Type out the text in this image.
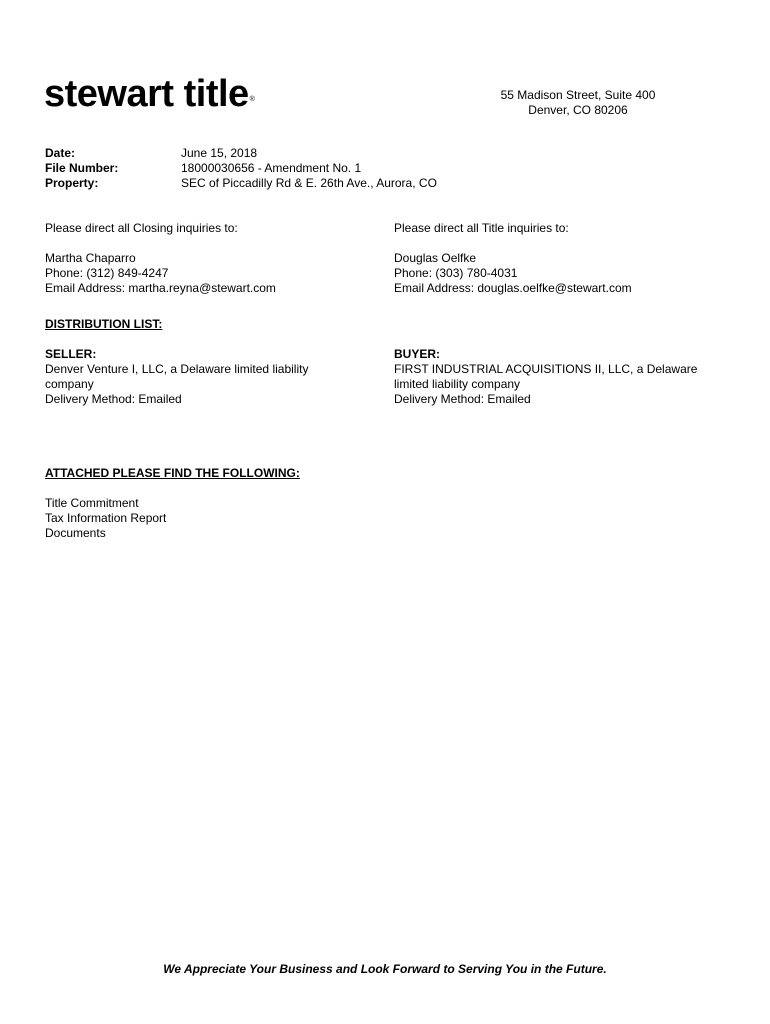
stewart title®	55 Madison Street, Suite 400
Denver, CO 80206
Date:
File Number:
Property:
June 15, 2018
18000030656 - Amendment No. 1
SEC of Piccadilly Rd & E. 26th Ave., Aurora, CO
Please direct all Closing inquiries to:
Martha Chaparro
Phone: (312) 849-4247
Email Address: martha.reyna@stewart.com
Please direct all Title inquiries to:
Douglas Oelfke
Phone: (303) 780-4031
Email Address: douglas.oelfke@stewart.com
DISTRIBUTION LIST:
SELLER:
Denver Venture I, LLC, a Delaware limited liability
company
Delivery Method: Emailed
BUYER:
FIRST INDUSTRIAL ACQUISITIONS II, LLC, a Delaware
limited liability company
Delivery Method: Emailed
ATTACHED PLEASE FIND THE FOLLOWING:
Title Commitment
Tax Information Report
Documents
We Appreciate Your Business and Look Forward to Serving You in the Future.
